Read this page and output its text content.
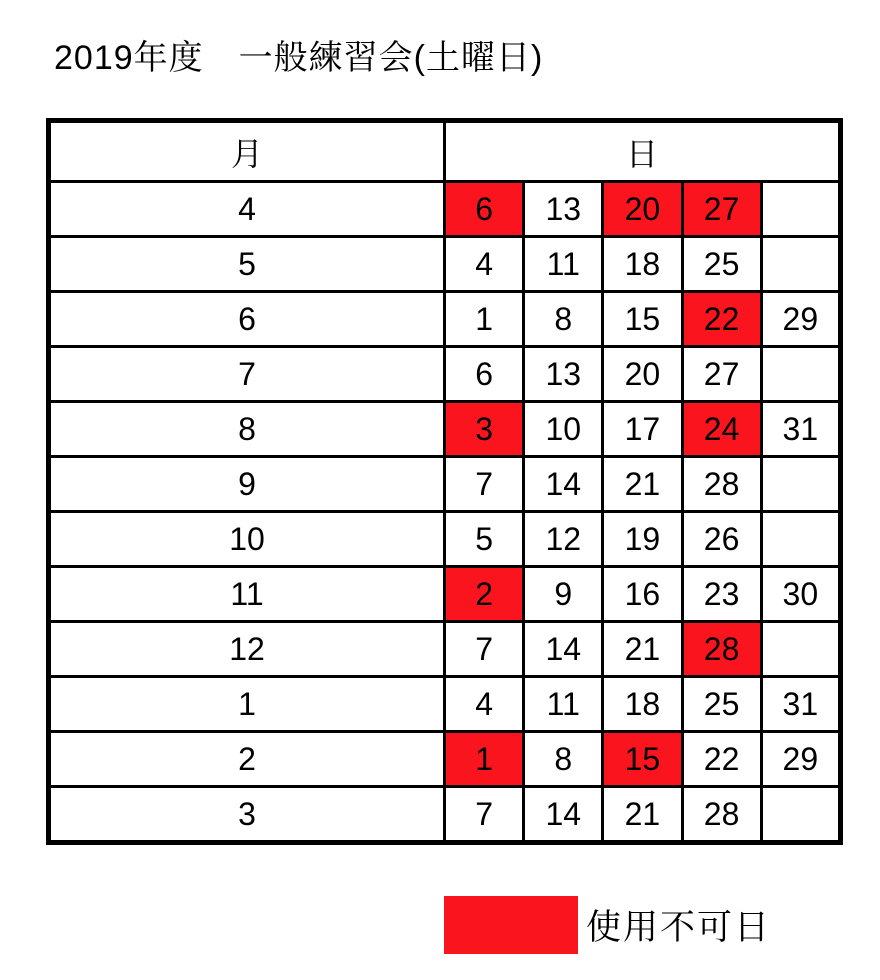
2019年度　一般練習会(土曜日)
月	日				
4	6	13	20	27	
5	4	11	18	25	
6	1	8	15	22	29
7	6	13	20	27	
8	3	10	17	24	31
9	7	14	21	28	
10	5	12	19	26	
11	2	9	16	23	30
12	7	14	21	28	
1	4	11	18	25	31
2	1	8	15	22	29
3	7	14	21	28	
使用不可日
